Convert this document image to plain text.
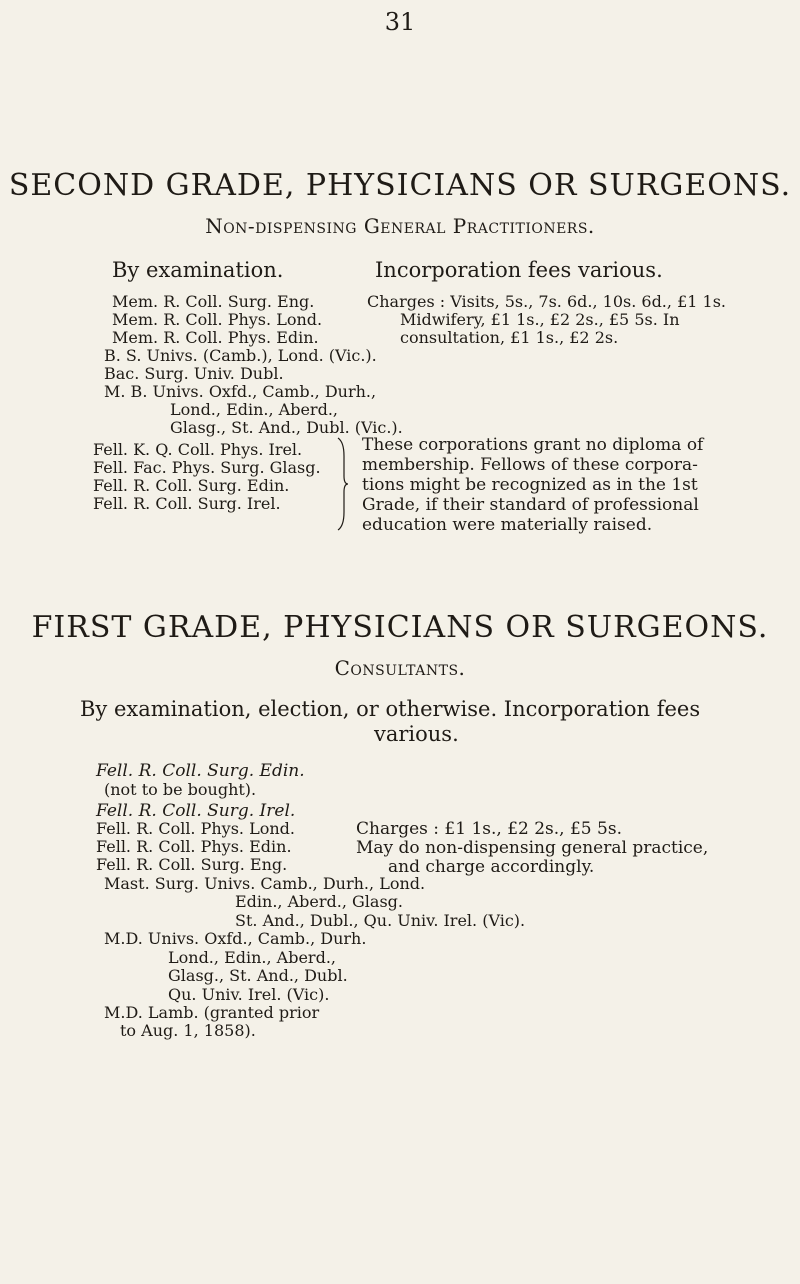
31
SECOND GRADE, PHYSICIANS OR SURGEONS.
Non-dispensing General Practitioners.
By examination.	Incorporation fees various.
Mem. R. Coll. Surg. Eng.
Mem. R. Coll. Phys. Lond.
Mem. R. Coll. Phys. Edin.
B. S. Univs. (Camb.), Lond. (Vic.).
Bac. Surg. Univ. Dubl.
M. B. Univs. Oxfd., Camb., Durh.,
Lond., Edin., Aberd.,
Glasg., St. And., Dubl. (Vic.).
Charges : Visits, 5s., 7s. 6d., 10s. 6d., £1 1s.
Midwifery, £1 1s., £2 2s., £5 5s. In
consultation, £1 1s., £2 2s.
Fell. K. Q. Coll. Phys. Irel.
Fell. Fac. Phys. Surg. Glasg.
Fell. R. Coll. Surg. Edin.
Fell. R. Coll. Surg. Irel.
These corporations grant no diploma of
membership. Fellows of these corpora-
tions might be recognized as in the 1st
Grade, if their standard of professional
education were materially raised.
FIRST GRADE, PHYSICIANS OR SURGEONS.
Consultants.
By examination, election, or otherwise. Incorporation fees
various.
Fell. R. Coll. Surg. Edin.
(not to be bought).
Fell. R. Coll. Surg. Irel.
Fell. R. Coll. Phys. Lond.
Fell. R. Coll. Phys. Edin.
Fell. R. Coll. Surg. Eng.
Mast. Surg. Univs. Camb., Durh., Lond.
Edin., Aberd., Glasg.
St. And., Dubl., Qu. Univ. Irel. (Vic).
M.D. Univs. Oxfd., Camb., Durh.
Lond., Edin., Aberd.,
Glasg., St. And., Dubl.
Qu. Univ. Irel. (Vic).
M.D. Lamb. (granted prior
to Aug. 1, 1858).
Charges : £1 1s., £2 2s., £5 5s.
May do non-dispensing general practice,
and charge accordingly.
